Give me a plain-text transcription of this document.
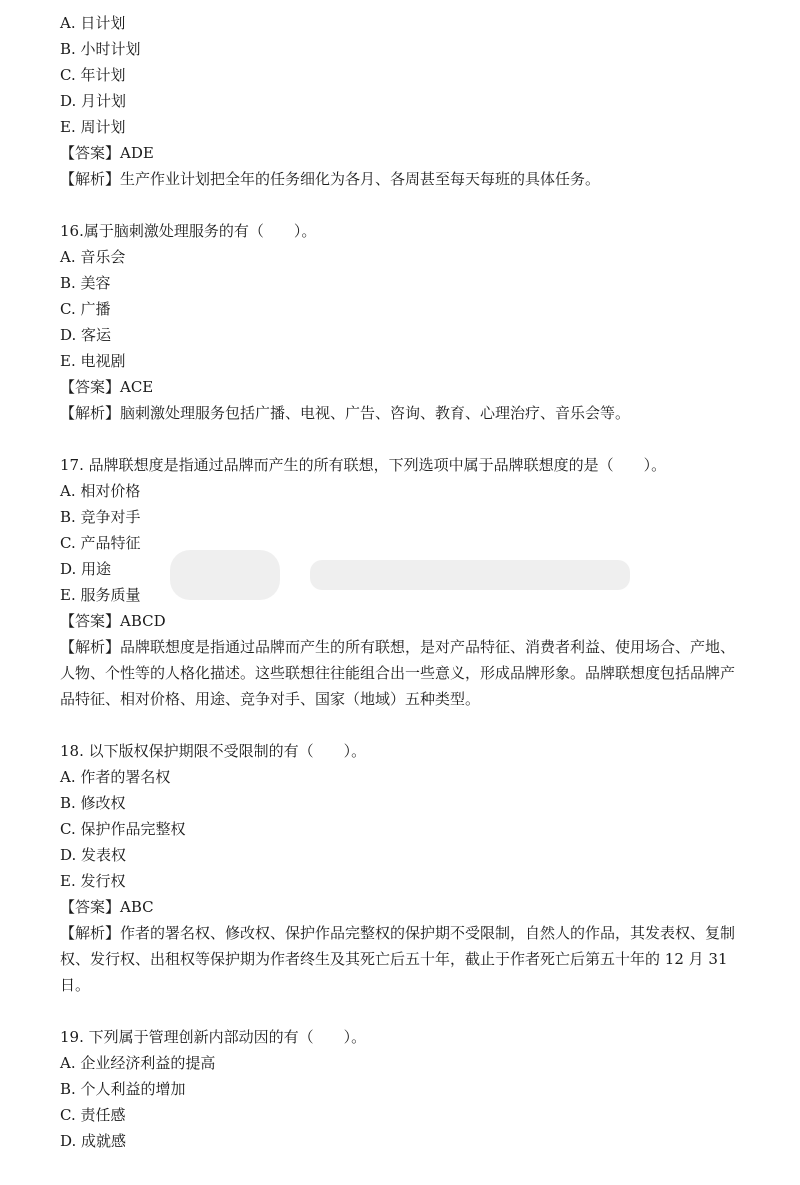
A. 日计划
B. 小时计划
C. 年计划
D. 月计划
E. 周计划
【答案】ADE
【解析】生产作业计划把全年的任务细化为各月、各周甚至每天每班的具体任务。
16.属于脑刺激处理服务的有（　　）。
A. 音乐会
B. 美容
C. 广播
D. 客运
E. 电视剧
【答案】ACE
【解析】脑刺激处理服务包括广播、电视、广告、咨询、教育、心理治疗、音乐会等。
17. 品牌联想度是指通过品牌而产生的所有联想，下列选项中属于品牌联想度的是（　　）。
A. 相对价格
B. 竞争对手
C. 产品特征
D. 用途
E. 服务质量
【答案】ABCD
【解析】品牌联想度是指通过品牌而产生的所有联想，是对产品特征、消费者利益、使用场合、产地、人物、个性等的人格化描述。这些联想往往能组合出一些意义，形成品牌形象。品牌联想度包括品牌产品特征、相对价格、用途、竞争对手、国家（地域）五种类型。
18. 以下版权保护期限不受限制的有（　　）。
A. 作者的署名权
B. 修改权
C. 保护作品完整权
D. 发表权
E. 发行权
【答案】ABC
【解析】作者的署名权、修改权、保护作品完整权的保护期不受限制，自然人的作品，其发表权、复制权、发行权、出租权等保护期为作者终生及其死亡后五十年，截止于作者死亡后第五十年的 12 月 31 日。
19. 下列属于管理创新内部动因的有（　　）。
A. 企业经济利益的提高
B. 个人利益的增加
C. 责任感
D. 成就感
